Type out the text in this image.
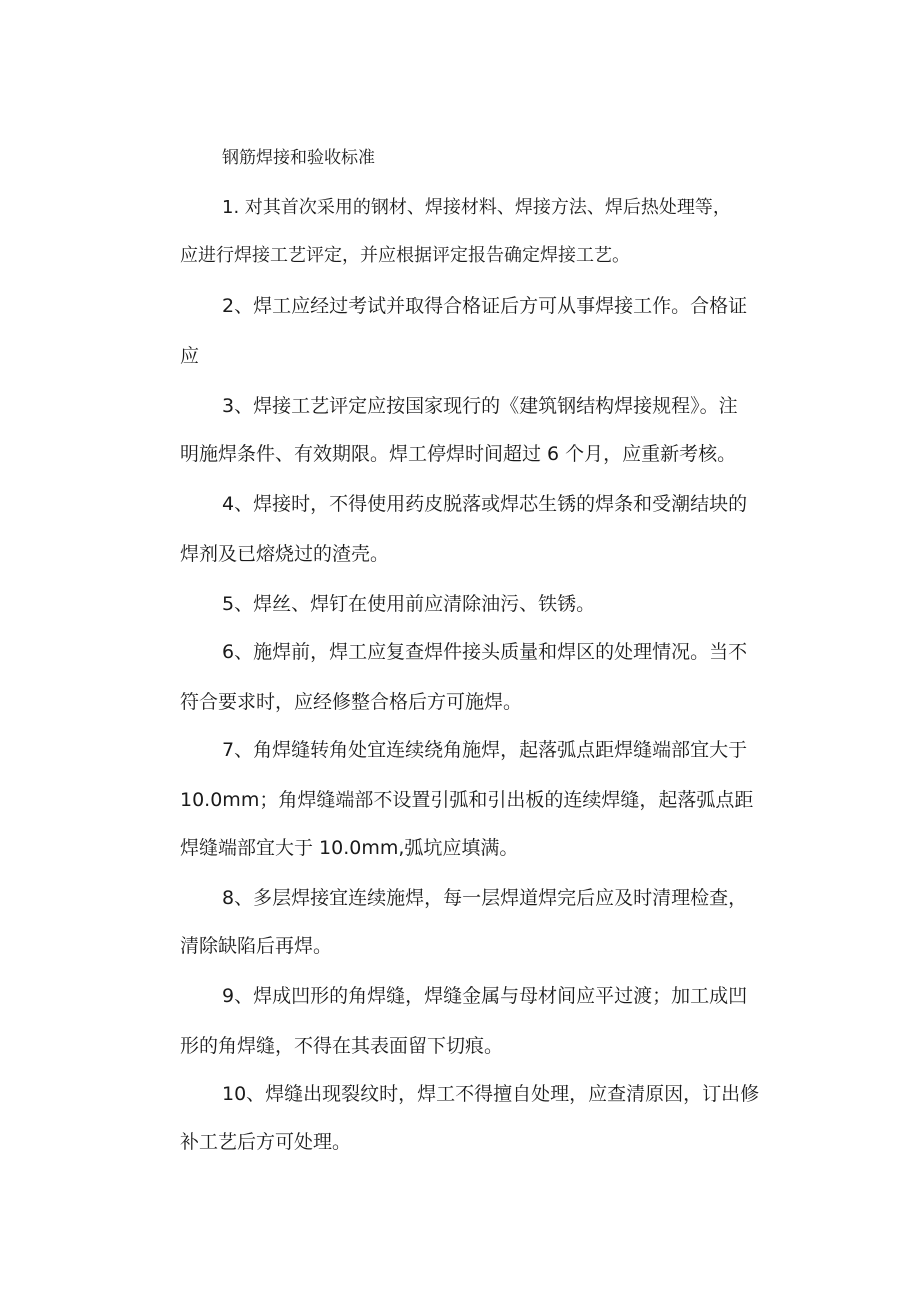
钢筋焊接和验收标准
1. 对其首次采用的钢材、焊接材料、焊接方法、焊后热处理等，
应进行焊接工艺评定，并应根据评定报告确定焊接工艺。
2、焊工应经过考试并取得合格证后方可从事焊接工作。合格证
应
3、焊接工艺评定应按国家现行的《建筑钢结构焊接规程》。注
明施焊条件、有效期限。焊工停焊时间超过 6 个月，应重新考核。
4、焊接时，不得使用药皮脱落或焊芯生锈的焊条和受潮结块的
焊剂及已熔烧过的渣壳。
5、焊丝、焊钉在使用前应清除油污、铁锈。
6、施焊前，焊工应复查焊件接头质量和焊区的处理情况。当不
符合要求时，应经修整合格后方可施焊。
7、角焊缝转角处宜连续绕角施焊，起落弧点距焊缝端部宜大于
10.0mm；角焊缝端部不设置引弧和引出板的连续焊缝，起落弧点距
焊缝端部宜大于 10.0mm,弧坑应填满。
8、多层焊接宜连续施焊，每一层焊道焊完后应及时清理检查，
清除缺陷后再焊。
9、焊成凹形的角焊缝，焊缝金属与母材间应平过渡；加工成凹
形的角焊缝，不得在其表面留下切痕。
10、焊缝出现裂纹时，焊工不得擅自处理，应查清原因，订出修
补工艺后方可处理。
